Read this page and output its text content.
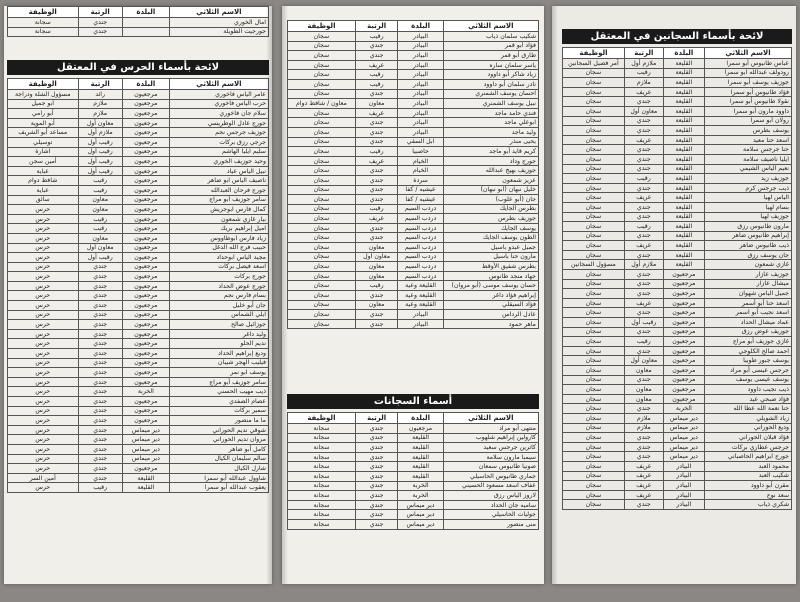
الاسم الثلاثي	البلدة	الرتبة	الوظيفة
امال الخوري		جندي	سجانة
جورجيت الطويلة		جندي	سجانة
لائحة بأسماء الحرس في المعتقل
الاسم الثلاثي	البلدة	الرتبة	الوظيفة
عامر الياس فاخوري	مرجعيون	رائد	مسؤول الشلة ودراجة
حرب الياس فاخوري	مرجعيون	ملازم	أبو جميل
سلام جان فاخوري	مرجعيون	ملازم	أبو رامي
جورج عادل الوطريسي	مرجعيون	معاون أول	أبو الموية
جوزيف جرجس نجم	مرجعيون	ملازم أول	مساعد أبو الشريف
جرجي رزق بركات	مرجعيون	رقيب أول	توسيلي
سليم ايليا الهاشم	مرجعيون	رقيب أول	اشارة
وحيد جوزيف الخوري	مرجعيون	رقيب أول	أمين سجن
نبيل الياس عياد	مرجعيون	رقيب أول	عباية
ناصيف الياس ابو ضاهر	مرجعيون	رقيب	شافط دوام
جورج فرحان العبدالله	مرجعيون	رقيب	عباية
سامر جوزيف أبو مراج	مرجعيون	معاون	سائق
كمال فارس ابوجريش	مرجعيون	معاون	حرس
بيار غازي شمعون	مرجعيون	رقيب	حرس
اميل إبراهيم بريك	مرجعيون	رقيب	حرس
زياد فارس ابوطاووس	مرجعيون	معاون	حرس
حبيب فرج الله الدغل	مرجعيون	معاون أول	حرس
مجيد الياس ابوحداد	مرجعيون	رقيب أول	حرس
اسعد فيصل بركات	مرجعيون	جندي	حرس
جورج بركات	مرجعيون	جندي	حرس
جورج عوض الحداد	مرجعيون	جندي	حرس
بسام فارس نجم	مرجعيون	جندي	حرس
جان أبو خليل	مرجعيون	جندي	حرس
ايلي الشماس	مرجعيون	جندي	حرس
جوزائيل صالح	مرجعيون	جندي	حرس
وليد داغر	مرجعيون	جندي	حرس
نديم الحلو	مرجعيون	جندي	حرس
وديع إبراهيم الحداد	مرجعيون	جندي	حرس
فيليب الهجر شيبان	مرجعيون	جندي	حرس
يوسف ابو نمر	مرجعيون	جندي	حرس
سامر جوزيف أبو مراج	مرجعيون	جندي	حرس
ذيب مهيب الحسني	الخربة	جندي	حرس
عصام الصفدي	مرجعيون	جندي	حرس
سمير بركات	مرجعيون	جندي	حرس
ما ما منصور	مرجعيون	جندي	حرس
شوقي نديم الحوراني	دير ميماس	جندي	حرس
مروان نديم الحوراني	دير ميماس	جندي	حرس
كامل أبو ضاهر	دير ميماس	جندي	حرس
سالم سليمان الكيال	دير ميماس	جندي	حرس
شارل الكيال	مرجعيون	جندي	حرس
شاوول عبدالله أبو سمرا	القليعة	جندي	أمين السر
يعقوب عبدالله أبو سمرا	القليعة	رقيب	حرس
الاسم الثلاثي	البلدة	الرتبة	الوظيفة
شكيب سلمان ذياب	البيادر	رقيب	سجان
فؤاد أبو قمر	البيادر	جندي	سجان
طارق أبو قمر	البيادر	جندي	سجان
ياسر سلمان ساره	البيادر	عريف	سجان
زياد شاكر أبو داوود	البيادر	رقيب	سجان
نادر سلمان أبو داوود	البيادر	رقيب	سجان
احسان يوسف الشمنري	البيادر	جندي	سجان
نبيل يوسف الشمنري	البيادر	معاون	معاون / شافط دوام
فندي حامد ماجد	البيادر	عريف	سجان
ابوعلي ماجد	البيادر	جندي	سجان
وليد ماجد	البيادر	جندي	سجان
يحيى منذر	ابل السقي	جندي	سجان
كريم قايد أبو ماجد	حاصبيا	رقيب	سجان
جورج وداد	الخيام	عريف	سجان
جوزيف بهيج عبدالله	الخيام	جندي	سجان
عزيز شمعون	سردة	جندي	سجان
خليل نبهان (أبو نبهان)	عيشيه / كفا	جندي	سجان
جان (أبو علوب)	عيشيه / كفا	جندي	سجان
بطرس الجايك	دردب السيم	رقيب	سجان
جوزيف بطرس	دردب السيم	عريف	سجان
يوسف الجايك	دردب السيم	جندي	سجان
الطون يوسف الجايك	دردب السيم	جندي	سجان
جميل عبدو باسيل	دردب السيم	معاون	سجان
مارون حنا باسيل	دردب السيم	معاون أول	سجان
بطرس شفيق الأوقط	دردب السيم	معاون	سجان
جهاد منجد طانوس	دردب السيم	معاون	سجان
حسان يوسف موسى (أبو مروان)	القليعة وعية	رقيب	سجان
إبراهيم فؤاد داغر	القليعة وعية	جندي	سجان
فؤاد السيقلي	القليعة وعية	معاون	سجان
عادل الرداس	البيادر	جندي	سجان
ماهر حمود	البيادر	جندي	سجان
أسماء السجانات
الاسم الثلاثي	البلدة	الرتبة	الوظيفة
منتهى أبو مراد	مرجعيون	جندي	سجانة
كارولين إبراهيم شلهوب	القليعة	جندي	سجانة
كاترين جرجس سعيد	القليعة	جندي	سجانة
سيمبا مارون سلامة	القليعة	جندي	سجانة
صونيا طانيوس سمعان	القليعة	جندي	سجانة
جماري طانيوس الحاسيلي	القليعة	جندي	سجانة
عفاف اسعد مسعود الحسيني	الخربة	جندي	سجانة
لاروز الياس رزق	الخربة	جندي	سجانة
ساميه جان الحداد	دير ميماس	جندي	سجانة
جوليات الحاسيلي	دير ميماس	جندي	سجانة
منى منصور	دير ميماس	جندي	سجانة
لائحة بأسماء السجانين في المعتقل
الاسم الثلاثي	البلدة	الرتبة	الوظيفة
عباس طانيوس أبو سمرا	القليعة	ملازم أول	آمر فصيل السجانين
رودولف عبدالله أبو سمرا	القليعة	رقيب	سجان
جوزيف يوسف أبو سمرا	القليعة	ملازم	سجان
فؤاد طانيوس أبو سمرا	القليعة	عريف	سجان
نقولا طانيوس أبو سمرا	القليعة	جندي	سجان
داوود مارون أبو سمرا	القليعة	معاون أول	سجان
رولان أبو سمرا	القليعة	جندي	سجان
يوسف بطرس	القليعة	جندي	سجان
اسعد حنا معيد	القليعة	عريف	سجان
حنا جرجس سلامة	القليعة	جندي	سجان
ايليا ناصيف سلامة	القليعة	جندي	سجان
نعيم الياس الشيمي	القليعة	جندي	سجان
جوزيف زيد	القليعة	رقيب	سجان
ذيب جرجس كرم	القليعة	جندي	سجان
الياس لهيا	القليعة	عريف	سجان
بسام لهيا	القليعة	جندي	سجان
جوزيف لهيا	القليعة	جندي	سجان
مارون طانيوس رزق	القليعة	رقيب	سجان
إبراهيم طانيوس ضاهر	القليعة	جندي	سجان
ذيب طانيوس ضاهر	القليعة	عريف	سجان
جان يوسف رزق	القليعة	جندي	سجان
غازي شمعون	القليعة	ملازم أول	مسؤول السجانين
جوزيف عازار	مرجعيون	جندي	سجان
ميشال عازار	مرجعيون	جندي	سجان
جميل الياس شهوان	مرجعيون	جندي	سجان
اسعد حنا أبو أسمر	مرجعيون	عريف	سجان
اسعد نجيب أبو اسمر	مرجعيون	جندي	سجان
عماد ميشال الحداد	مرجعيون	رقيب أول	سجان
جوزيف عوض رزق	مرجعيون	جندي	سجان
غازي جوزيف أبو مراج	مرجعيون	رقيب	سجان
احمد صالح الكلوجي	مرجعيون	جندي	سجان
يوسف جبور طوبيا	مرجعيون	معاون أول	سجان
جرجس عيسى أبو مراد	مرجعيون	معاون	سجان
يوسف عيسى يوسف	مرجعيون	جندي	سجان
ذيب نجيب داوود	مرجعيون	معاون	سجان
فؤاد صبحي عيد	مرجعيون	معاون	سجان
حنا نعمة الله عطا الله	الخربة	جندي	سجان
زياد الشويلي	دير ميماس	ملازم	سجان
وديع الحوراني	دير ميماس	ملازم	سجان
فؤاد قبلان الحوراني	دير ميماس	جندي	سجان
جرجس عطاري بركات	دير ميماس	جندي	سجان
جورج ابراهيم الحاصباني	دير ميماس	جندي	سجان
محمود العبد	البيادر	عريف	سجان
شكيب العبد	البيادر	عريف	سجان
مقرن أبو داوود	البيادر	عريف	سجان
سعد نوح	البيادر	عريف	سجان
شكري ذياب	البيادر	جندي	سجان
